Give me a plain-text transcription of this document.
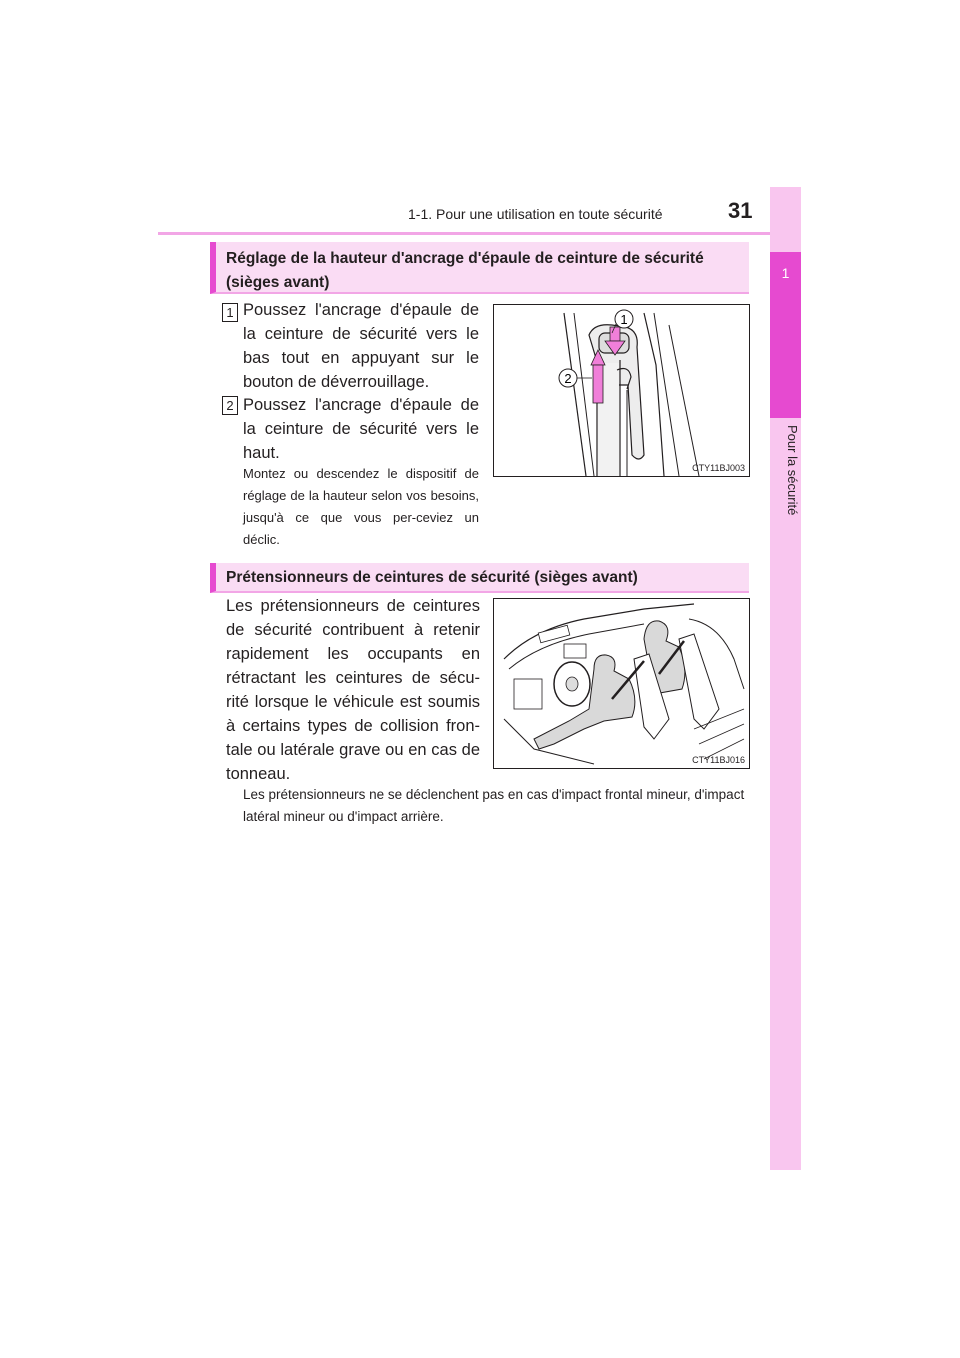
1-1. Pour une utilisation en toute sécurité	31
1
Pour la sécurité
Réglage de la hauteur d'ancrage d'épaule de ceinture de sécurité (sièges avant)
1 Poussez l'ancrage d'épaule de la ceinture de sécurité vers le bas tout en appuyant sur le bouton de déverrouillage.

2 Poussez l'ancrage d'épaule de la ceinture de sécurité vers le haut.

Montez ou descendez le dispositif de réglage de la hauteur selon vos besoins, jusqu'à ce que vous per-ceviez un déclic.

1
2
CTY11BJ003
Prétensionneurs de ceintures de sécurité (sièges avant)

Les prétensionneurs de ceintures de sécurité contribuent à retenir rapidement les occupants en rétractant les ceintures de sécu-rité lorsque le véhicule est soumis à certains types de collision fron-tale ou latérale grave ou en cas de tonneau.

CTY11BJ016

Les prétensionneurs ne se déclenchent pas en cas d'impact frontal mineur, d'impact latéral mineur ou d'impact arrière.
